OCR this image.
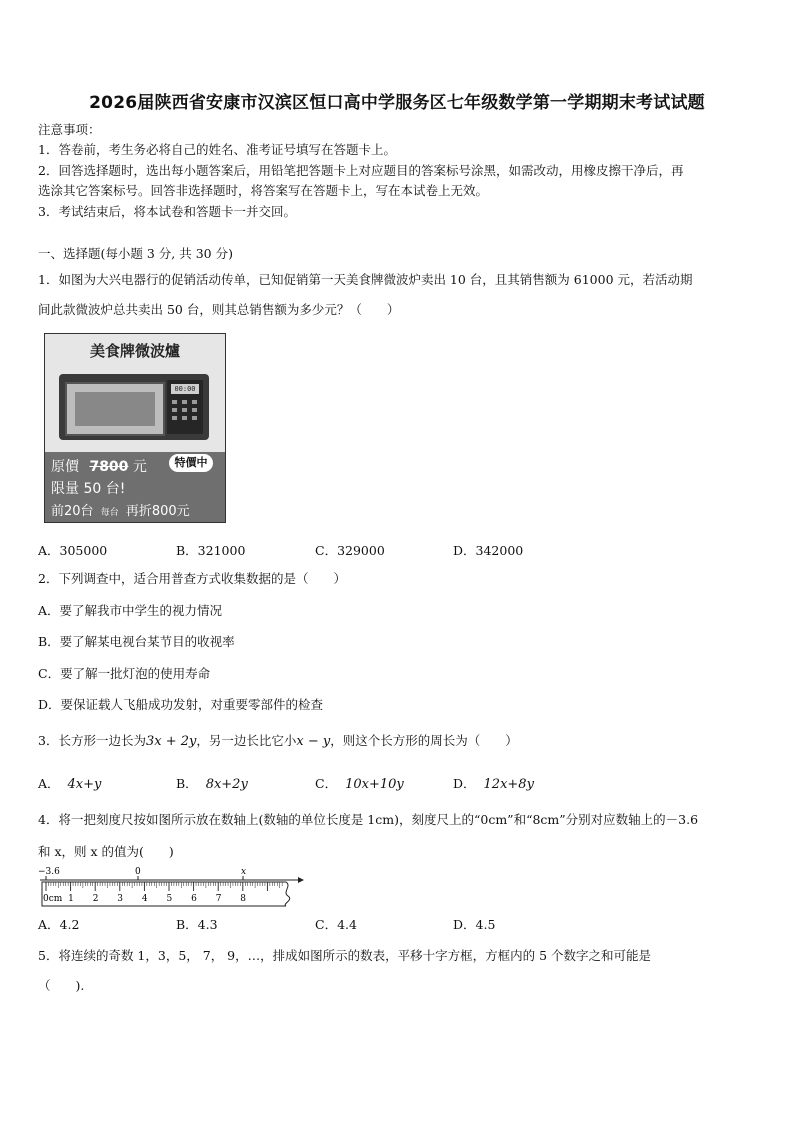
2026届陕西省安康市汉滨区恒口高中学服务区七年级数学第一学期期末考试试题
注意事项：
1．答卷前，考生务必将自己的姓名、准考证号填写在答题卡上。
2．回答选择题时，选出每小题答案后，用铅笔把答题卡上对应题目的答案标号涂黑，如需改动，用橡皮擦干净后，再
选涂其它答案标号。回答非选择题时，将答案写在答题卡上，写在本试卷上无效。
3．考试结束后，将本试卷和答题卡一并交回。
一、选择题(每小题 3 分, 共 30 分)
1．如图为大兴电器行的促销活动传单，已知促销第一天美食牌微波炉卖出 10 台，且其销售额为 61000 元，若活动期
间此款微波炉总共卖出 50 台，则其总销售额为多少元？（　　）
美食牌微波爐
00:00
原價 7800 元	特價中
限量 50 台!
前20台 每台 再折800元
A．305000	B．321000	C．329000	D．342000
2．下列调查中，适合用普查方式收集数据的是（　　）
A．要了解我市中学生的视力情况
B．要了解某电视台某节目的收视率
C．要了解一批灯泡的使用寿命
D．要保证载人飞船成功发射，对重要零部件的检查
3．长方形一边长为3x + 2y，另一边长比它小x − y，则这个长方形的周长为（　　）
A． 4x+y	B． 8x+2y	C． 10x+10y	D． 12x+8y
4．将一把刻度尺按如图所示放在数轴上(数轴的单位长度是 1cm)，刻度尺上的“0cm”和“8cm”分别对应数轴上的－3.6
和 x，则 x 的值为(　　)
−3.6	0	x
0cm 1 2 3 4 5 6 7 8
A．4.2	B．4.3	C．4.4	D．4.5
5．将连续的奇数 1，3，5， 7， 9，…，排成如图所示的数表，平移十字方框，方框内的 5 个数字之和可能是
（　　).
